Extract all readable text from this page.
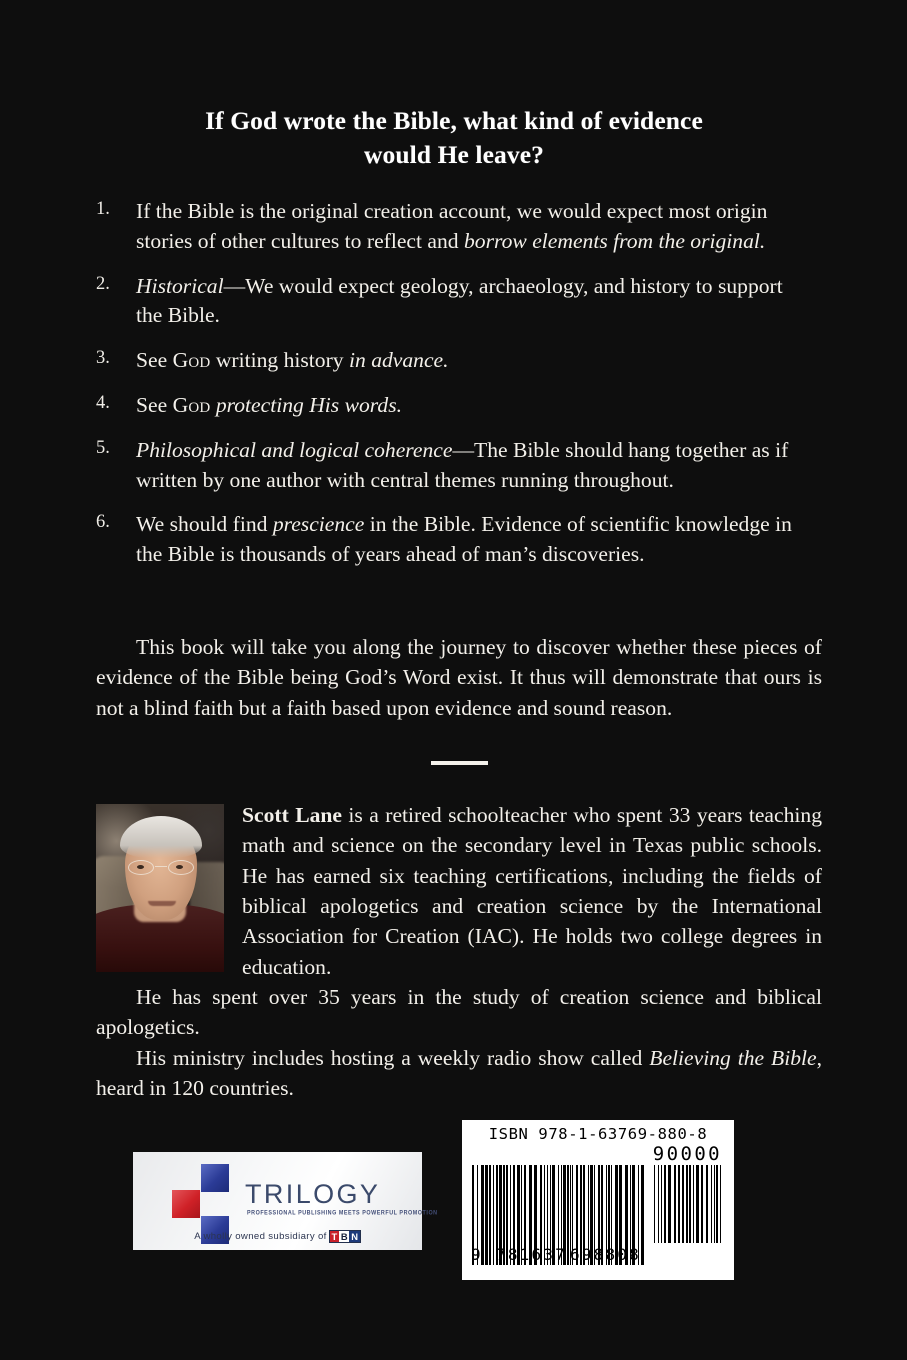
If God wrote the Bible, what kind of evidence
would He leave?
1.	If the Bible is the original creation account, we would expect most origin stories of other cultures to reflect and borrow elements from the original.
2.	Historical—We would expect geology, archaeology, and history to support the Bible.
3.	See God writing history in advance.
4.	See God protecting His words.
5.	Philosophical and logical coherence—The Bible should hang together as if written by one author with central themes running throughout.
6.	We should find prescience in the Bible. Evidence of scientific knowledge in the Bible is thousands of years ahead of man’s discoveries.

This book will take you along the journey to discover whether these pieces of evidence of the Bible being God’s Word exist. It thus will demonstrate that ours is not a blind faith but a faith based upon evidence and sound reason.

Scott Lane is a retired schoolteacher who spent 33 years teaching math and science on the secondary level in Texas public schools. He has earned six teaching certifications, including the fields of biblical apologetics and creation science by the International Association for Creation (IAC). He holds two college degrees in education.

He has spent over 35 years in the study of creation science and biblical apologetics.

His ministry includes hosting a weekly radio show called Believing the Bible, heard in 120 countries.

TRILOGY
PROFESSIONAL PUBLISHING MEETS POWERFUL PROMOTION
A wholly owned subsidiary of T B N
ISBN 978-1-63769-880-8
90000
9 781637 698808
